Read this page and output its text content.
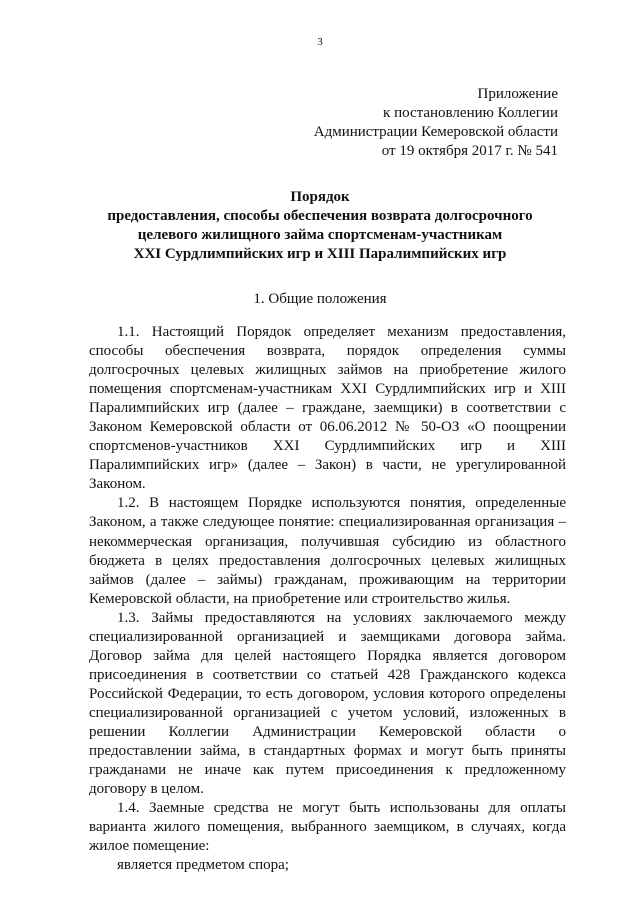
3
Приложение
к постановлению Коллегии
Администрации Кемеровской области
от 19 октября 2017 г. № 541
Порядок
предоставления, способы обеспечения возврата долгосрочного
целевого жилищного займа спортсменам-участникам
XXI Сурдлимпийских игр и XIII Паралимпийских игр
1. Общие положения

1.1. Настоящий Порядок определяет механизм предоставления, способы обеспечения возврата, порядок определения суммы долгосрочных целевых жилищных займов на приобретение жилого помещения спортсменам-участникам XXI Сурдлимпийских игр и XIII Паралимпийских игр (далее – граждане, заемщики) в соответствии с Законом Кемеровской области от 06.06.2012 № 50-ОЗ «О поощрении спортсменов-участников XXI Сурдлимпийских игр и XIII Паралимпийских игр» (далее – Закон) в части, не урегулированной Законом.

1.2. В настоящем Порядке используются понятия, определенные Законом, а также следующее понятие: специализированная организация – некоммерческая организация, получившая субсидию из областного бюджета в целях предоставления долгосрочных целевых жилищных займов (далее – займы) гражданам, проживающим на территории Кемеровской области, на приобретение или строительство жилья.

1.3. Займы предоставляются на условиях заключаемого между специализированной организацией и заемщиками договора займа. Договор займа для целей настоящего Порядка является договором присоединения в соответствии со статьей 428 Гражданского кодекса Российской Федерации, то есть договором, условия которого определены специализированной организацией с учетом условий, изложенных в решении Коллегии Администрации Кемеровской области о предоставлении займа, в стандартных формах и могут быть приняты гражданами не иначе как путем присоединения к предложенному договору в целом.

1.4. Заемные средства не могут быть использованы для оплаты варианта жилого помещения, выбранного заемщиком, в случаях, когда жилое помещение:

является предметом спора;
